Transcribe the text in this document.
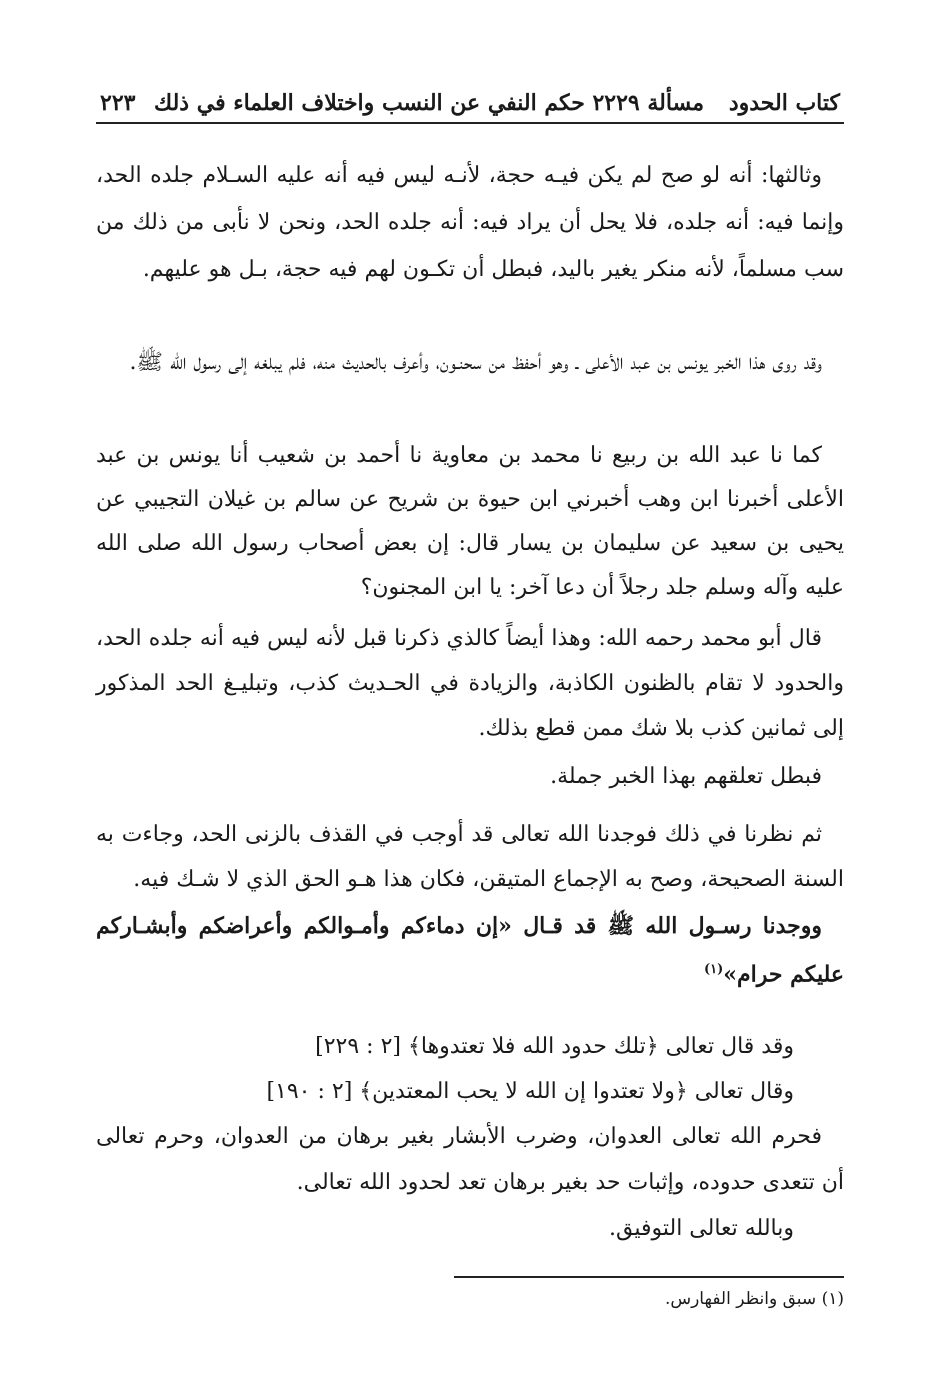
كتاب الحدود
مسألة ٢٢٢٩ حكم النفي عن النسب واختلاف العلماء في ذلك
٢٢٣

وثالثها: أنه لو صح لم يكن فيـه حجة، لأنـه ليس فيه أنه عليه السـلام جلده الحد، وإنما فيه: أنه جلده، فلا يحل أن يراد فيه: أنه جلده الحد، ونحن لا نأبى من ذلك من سب مسلماً، لأنه منكر يغير باليد، فبطل أن تكـون لهم فيه حجة، بـل هو عليهم.

وقد روى هذا الخبر يونس بن عبد الأعلى ـ وهو أحفظ من سحنـون، وأعرف بالحديث منه، فلم يبلغه إلى رسول الله ﷺ.

كما نا عبد الله بن ربيع نا محمد بن معاوية نا أحمد بن شعيب أنا يونس بن عبد الأعلى أخبرنا ابن وهب أخبرني ابن حيوة بن شريح عن سالم بن غيلان التجيبي عن يحيى بن سعيد عن سليمان بن يسار قال: إن بعض أصحاب رسول الله صلى الله عليه وآله وسلم جلد رجلاً أن دعا آخر: يا ابن المجنون؟

قال أبو محمد رحمه الله: وهذا أيضاً كالذي ذكرنا قبل لأنه ليس فيه أنه جلده الحد، والحدود لا تقام بالظنون الكاذبة، والزيادة في الحـديث كذب، وتبليـغ الحد المذكور إلى ثمانين كذب بلا شك ممن قطع بذلك.

فبطل تعلقهم بهذا الخبر جملة.

ثم نظرنا في ذلك فوجدنا الله تعالى قد أوجب في القذف بالزنى الحد، وجاءت به السنة الصحيحة، وصح به الإجماع المتيقن، فكان هذا هـو الحق الذي لا شـك فيه.

ووجدنا رسـول الله ﷺ قد قـال «إن دماءكم وأمـوالكم وأعراضكم وأبشـاركم عليكم حرام»$^{(١)}$

وقد قال تعالى ﴿تلك حدود الله فلا تعتدوها﴾ [٢ : ٢٢٩]
وقال تعالى ﴿ولا تعتدوا إن الله لا يحب المعتدين﴾ [٢ : ١٩٠]

فحرم الله تعالى العدوان، وضرب الأبشار بغير برهان من العدوان، وحرم تعالى أن تتعدى حدوده، وإثبات حد بغير برهان تعد لحدود الله تعالى.

وبالله تعالى التوفيق.

(١) سبق وانظر الفهارس.
